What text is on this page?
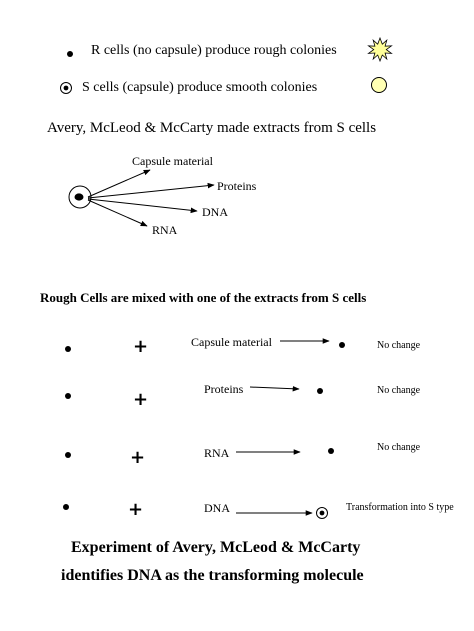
R cells (no capsule) produce rough colonies
S cells (capsule) produce smooth colonies
Avery, McLeod & McCarty made extracts from S cells
Capsule material
Proteins
DNA
RNA
Rough Cells are mixed with one of the extracts from S cells
+
+
+
+
Capsule material
Proteins
RNA
DNA
No change
No change
No change
Transformation into S type
Experiment of Avery, McLeod & McCarty
identifies DNA as the transforming molecule
